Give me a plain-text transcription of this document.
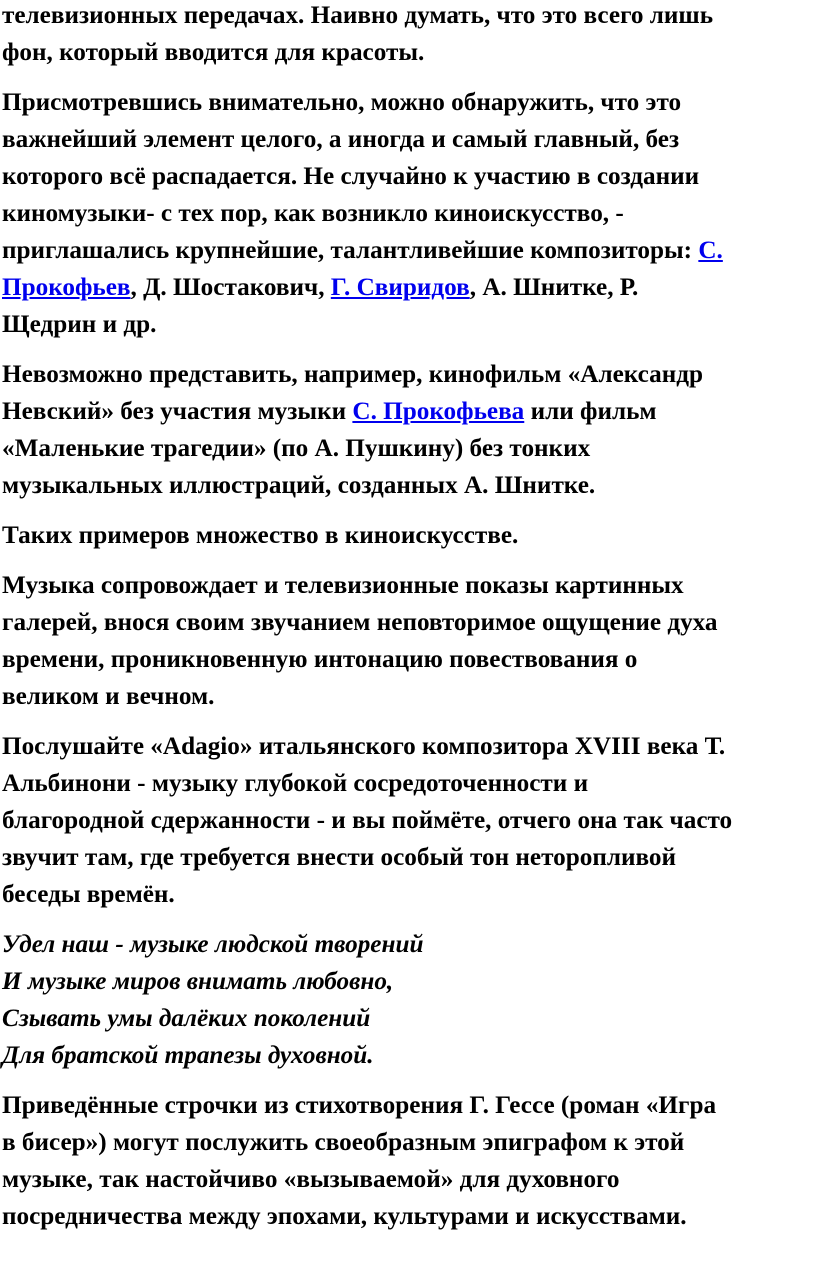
телевизионных передачах. Наивно думать, что это всего лишь
фон, который вводится для красоты.

Присмотревшись внимательно, можно обнаружить, что это
важнейший элемент целого, а иногда и самый главный, без
которого всё распадается. Не случайно к участию в создании
киномузыки- с тех пор, как возникло киноискусство, -
приглашались крупнейшие, талантливейшие композиторы: С.
Прокофьев, Д. Шостакович, Г. Свиридов, А. Шнитке, Р.
Щедрин и др.

Невозможно представить, например, кинофильм «Александр
Невский» без участия музыки С. Прокофьева или фильм
«Маленькие трагедии» (по А. Пушкину) без тонких
музыкальных иллюстраций, созданных А. Шнитке.

Таких примеров множество в киноискусстве.

Музыка сопровождает и телевизионные показы картинных
галерей, внося своим звучанием неповторимое ощущение духа
времени, проникновенную интонацию повествования о
великом и вечном.

Послушайте «Adagio» итальянского композитора XVIII века Т.
Альбинони - музыку глубокой сосредоточенности и
благородной сдержанности - и вы поймёте, отчего она так часто
звучит там, где требуется внести особый тон неторопливой
беседы времён.

Удел наш - музыке людской творений
И музыке миров внимать любовно,
Сзывать умы далёких поколений
Для братской трапезы духовной.

Приведённые строчки из стихотворения Г. Гессе (роман «Игра
в бисер») могут послужить своеобразным эпиграфом к этой
музыке, так настойчиво «вызываемой» для духовного
посредничества между эпохами, культурами и искусствами.
